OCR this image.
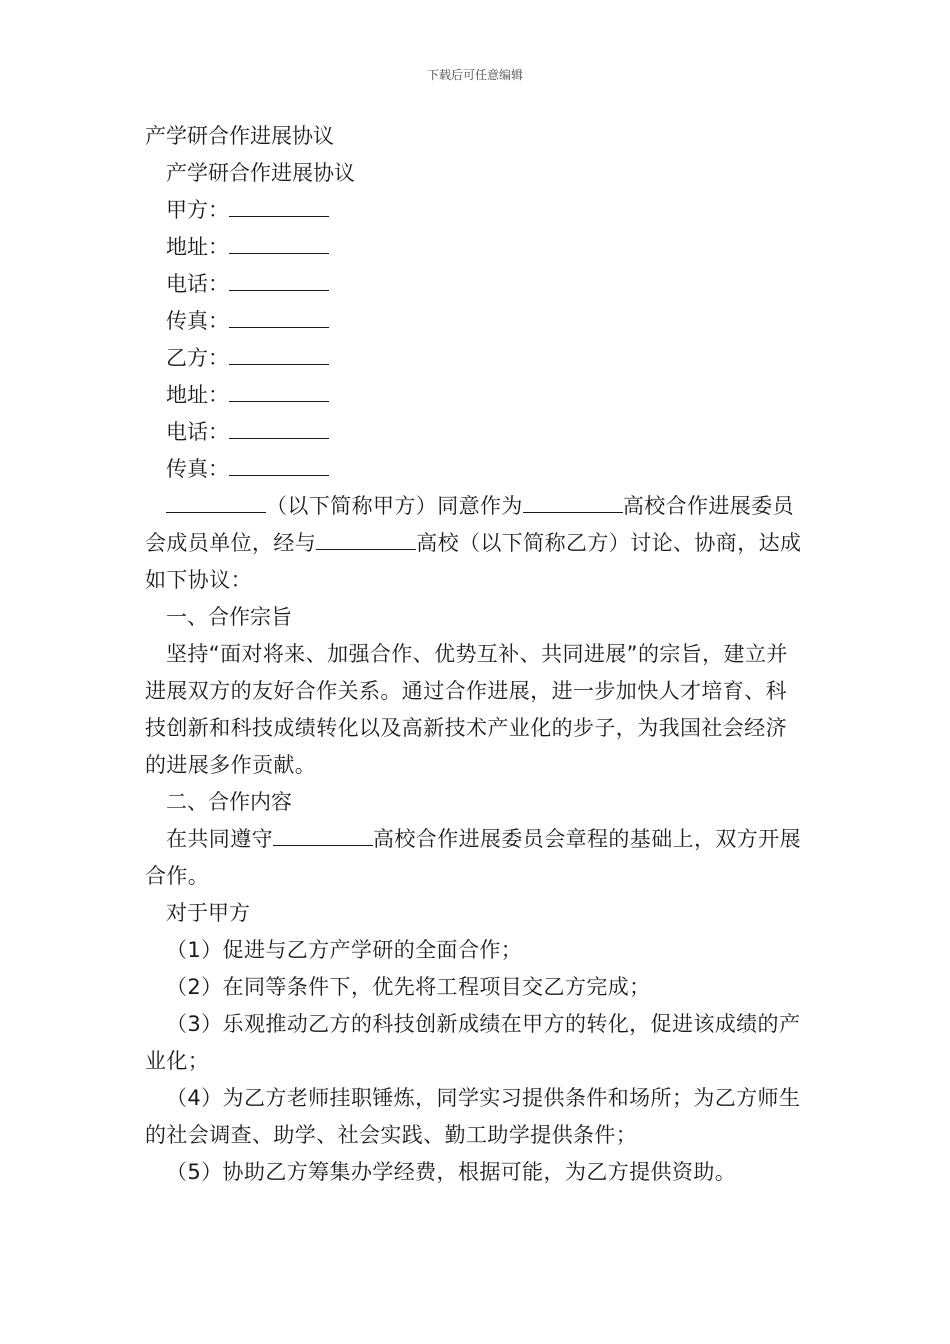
下载后可任意编辑
产学研合作进展协议
产学研合作进展协议
甲方：
地址：
电话：
传真：
乙方：
地址：
电话：
传真：
（以下简称甲方）同意作为	高校合作进展委员会成员单位，经与	高校（以下简称乙方）讨论、协商，达成如下协议：
一、合作宗旨
坚持“面对将来、加强合作、优势互补、共同进展”的宗旨，建立并进展双方的友好合作关系。通过合作进展，进一步加快人才培育、科技创新和科技成绩转化以及高新技术产业化的步子，为我国社会经济的进展多作贡献。
二、合作内容
在共同遵守	高校合作进展委员会章程的基础上，双方开展合作。
对于甲方
（1）促进与乙方产学研的全面合作；
（2）在同等条件下，优先将工程项目交乙方完成；
（3）乐观推动乙方的科技创新成绩在甲方的转化，促进该成绩的产业化；
（4）为乙方老师挂职锤炼，同学实习提供条件和场所；为乙方师生的社会调查、助学、社会实践、勤工助学提供条件；
（5）协助乙方筹集办学经费，根据可能，为乙方提供资助。
